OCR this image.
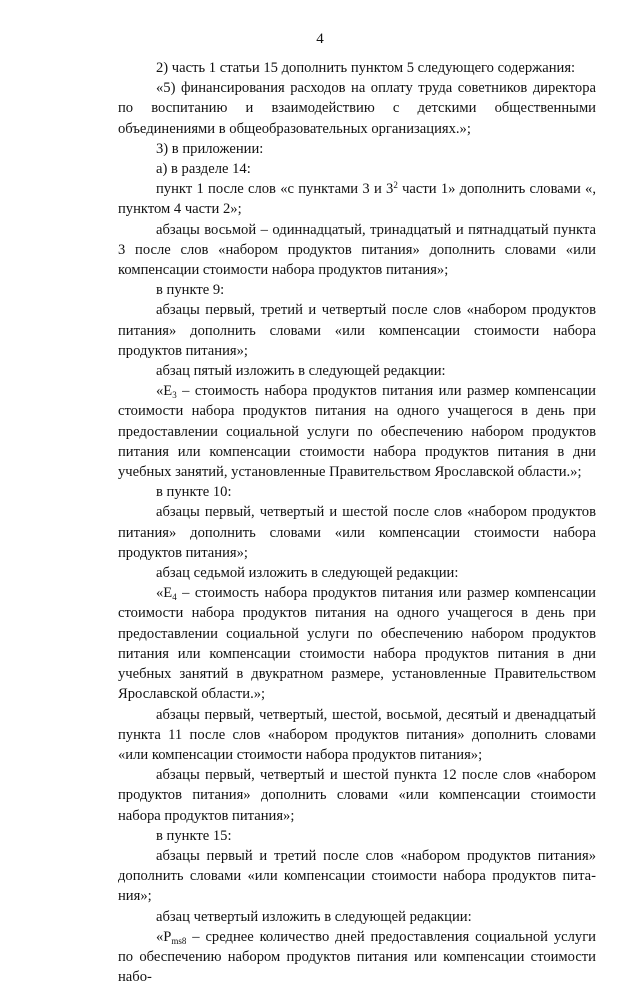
4

2) часть 1 статьи 15 дополнить пунктом 5 следующего содержания:

«5) финансирования расходов на оплату труда советников директора по воспитанию и взаимодействию с детскими общественными объединениями в общеобразовательных организациях.»;

3) в приложении:

а) в разделе 14:

пункт 1 после слов «с пунктами 3 и $3^2$ части 1» дополнить словами «, пунктом 4 части 2»;

абзацы восьмой – одиннадцатый, тринадцатый и пятнадцатый пункта 3 после слов «набором продуктов питания» дополнить словами «или компенсации стоимости набора продуктов питания»;

в пункте 9:

абзацы первый, третий и четвертый после слов «набором продуктов питания» дополнить словами «или компенсации стоимости набора продуктов питания»;

абзац пятый изложить в следующей редакции:

«$Е_3$ – стоимость набора продуктов питания или размер компенсации стоимости набора продуктов питания на одного учащегося в день при предоставлении социальной услуги по обеспечению набором продуктов питания или компенсации стоимости набора продуктов питания в дни учебных занятий, установленные Правительством Ярославской области.»;

в пункте 10:

абзацы первый, четвертый и шестой после слов «набором продуктов питания» дополнить словами «или компенсации стоимости набора продуктов питания»;

абзац седьмой изложить в следующей редакции:

«$Е_4$ – стоимость набора продуктов питания или размер компенсации стоимости набора продуктов питания на одного учащегося в день при предоставлении социальной услуги по обеспечению набором продуктов питания или компенсации стоимости набора продуктов питания в дни учебных занятий в двукратном размере, установленные Правительством Ярославской области.»;

абзацы первый, четвертый, шестой, восьмой, десятый и двенадцатый пункта 11 после слов «набором продуктов питания» дополнить словами «или компенсации стоимости набора продуктов питания»;

абзацы первый, четвертый и шестой пункта 12 после слов «набором продуктов питания» дополнить словами «или компенсации стоимости набора продуктов питания»;

в пункте 15:

абзацы первый и третий после слов «набором продуктов питания» дополнить словами «или компенсации стоимости набора продуктов питания»;

абзац четвертый изложить в следующей редакции:

«$Р_{ms8}$ – среднее количество дней предоставления социальной услуги по обеспечению набором продуктов питания или компенсации стоимости набо-
